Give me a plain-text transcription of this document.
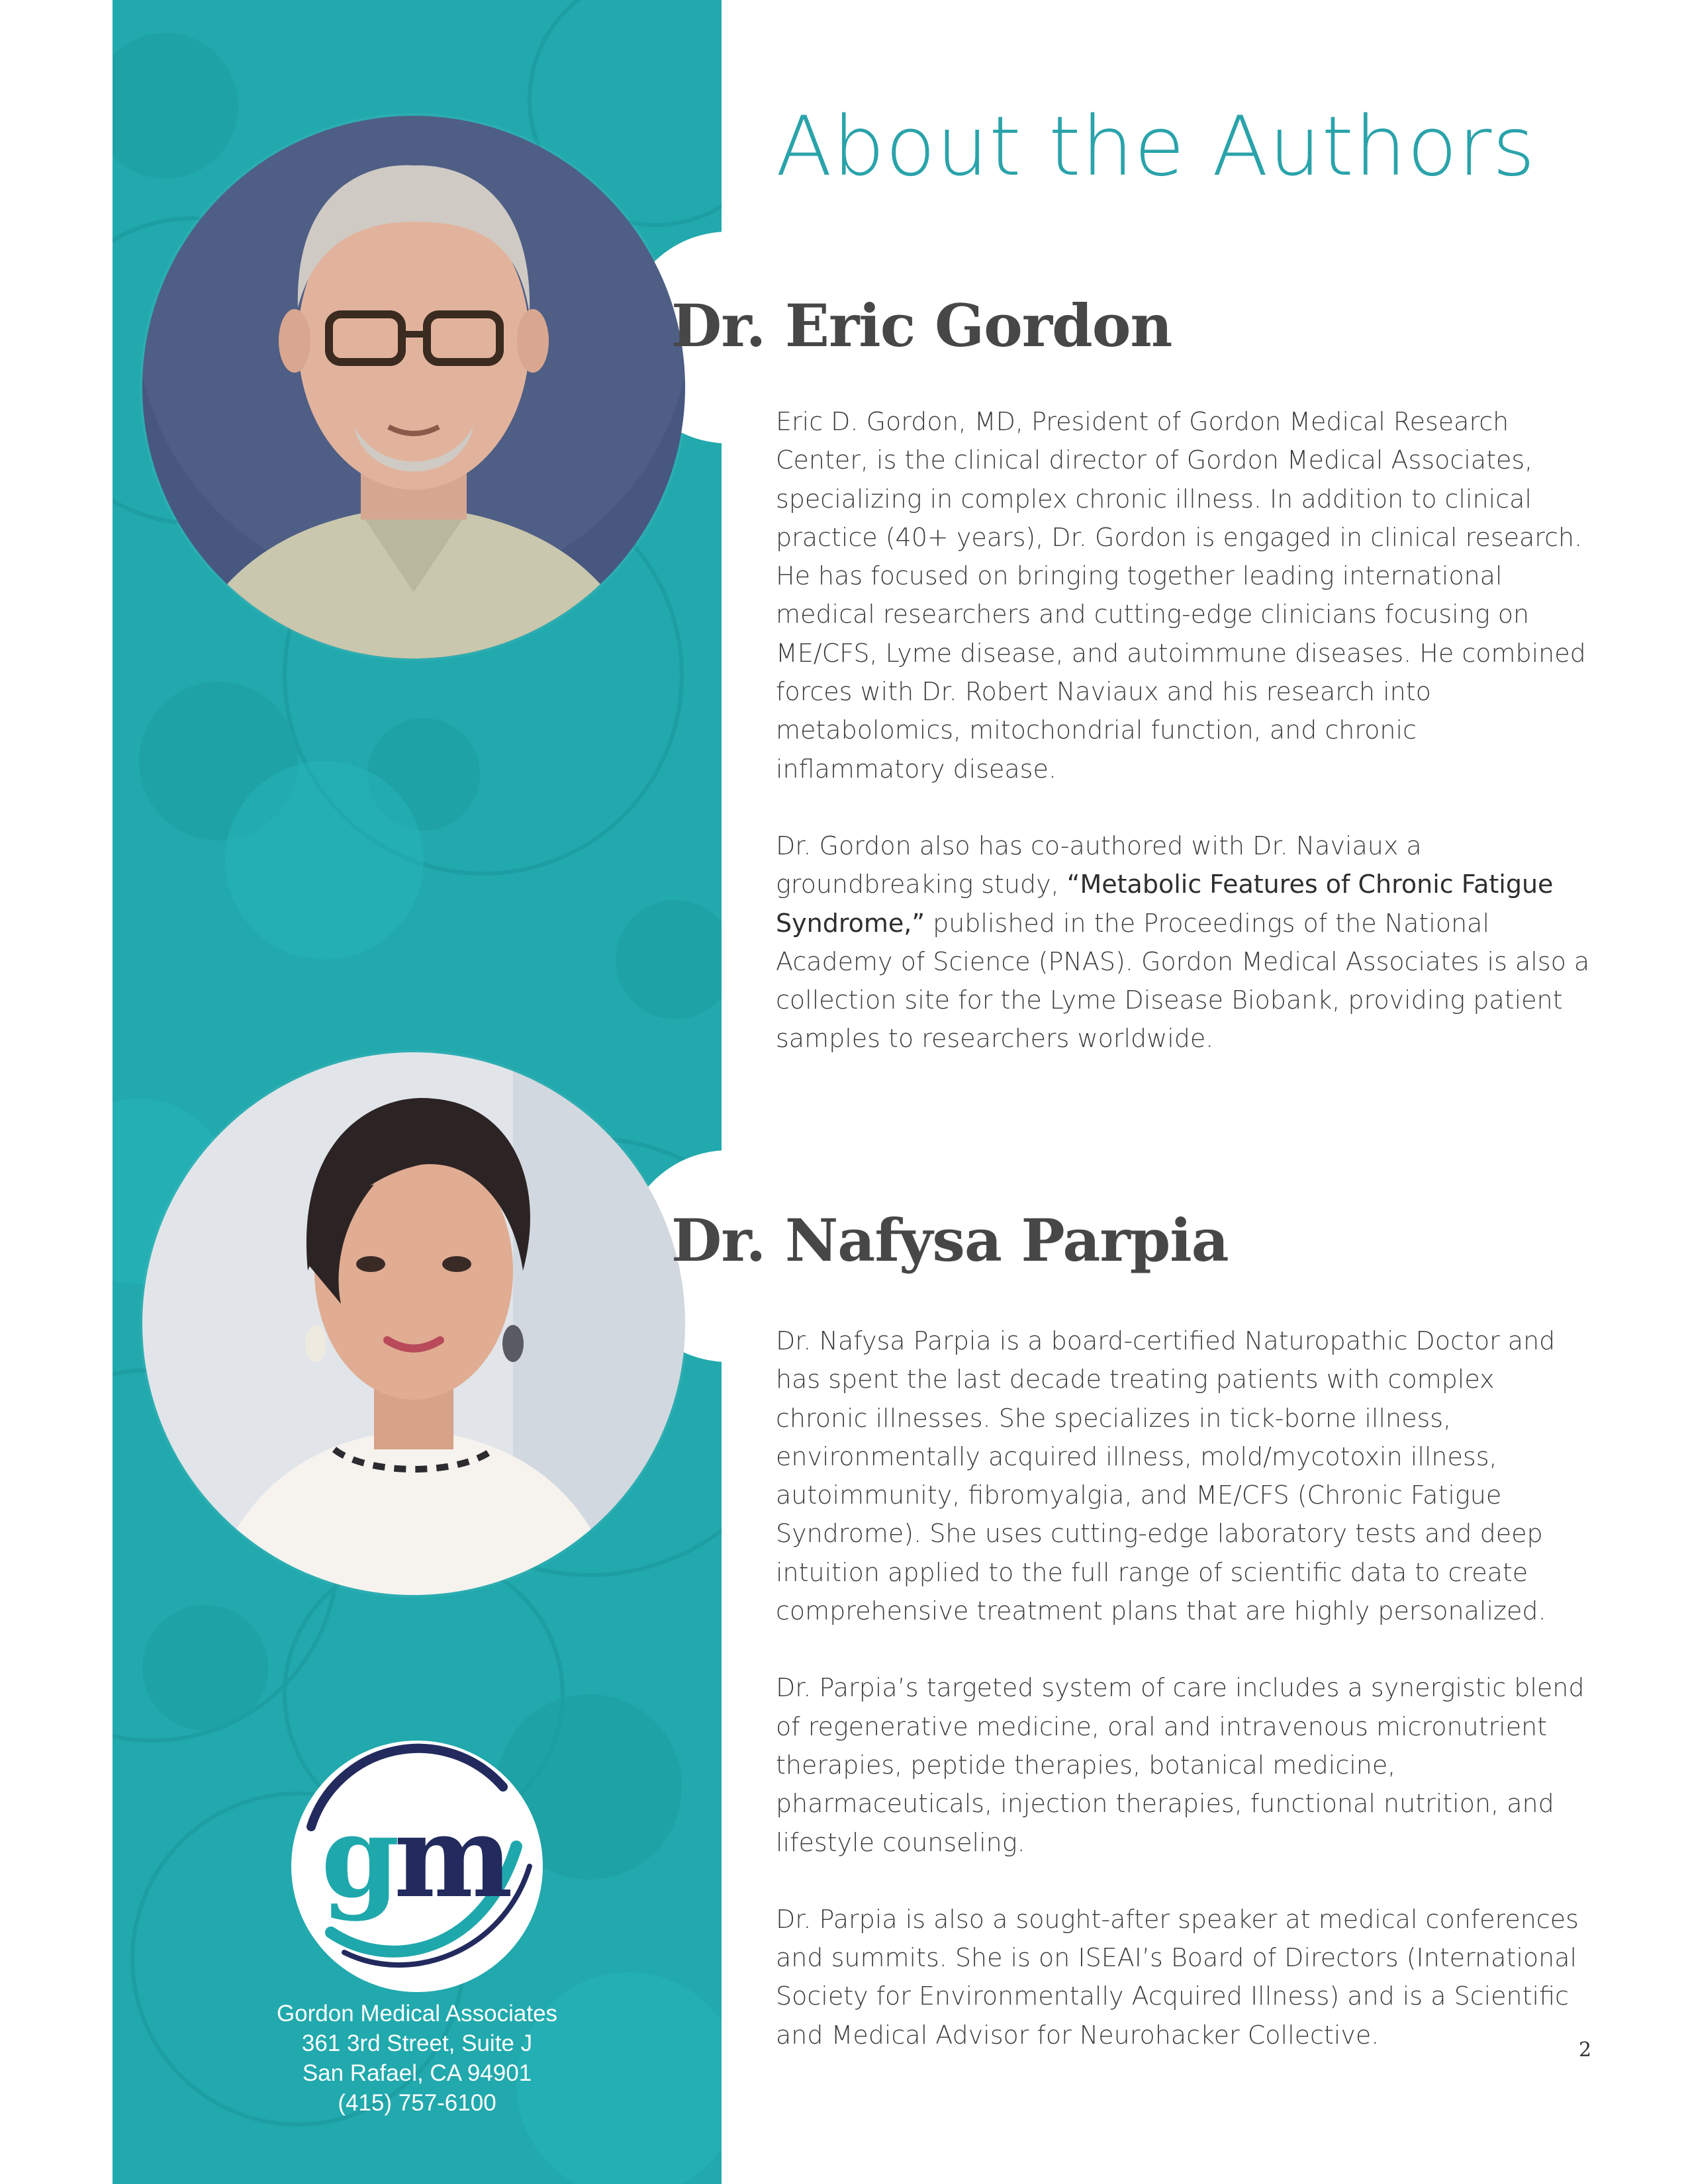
About the Authors
Dr. Eric Gordon

Eric D. Gordon, MD, President of Gordon Medical Research Center, is the clinical director of Gordon Medical Associates, specializing in complex chronic illness. In addition to clinical practice (40+ years), Dr. Gordon is engaged in clinical research. He has focused on bringing together leading international medical researchers and cutting-edge clinicians focusing on ME/CFS, Lyme disease, and autoimmune diseases. He combined forces with Dr. Robert Naviaux and his research into metabolomics, mitochondrial function, and chronic inflammatory disease.

Dr. Gordon also has co-authored with Dr. Naviaux a groundbreaking study, “Metabolic Features of Chronic Fatigue Syndrome,” published in the Proceedings of the National Academy of Science (PNAS). Gordon Medical Associates is also a collection site for the Lyme Disease Biobank, providing patient samples to researchers worldwide.

Dr. Nafysa Parpia

Dr. Nafysa Parpia is a board-certified Naturopathic Doctor and has spent the last decade treating patients with complex chronic illnesses. She specializes in tick-borne illness, environmentally acquired illness, mold/mycotoxin illness, autoimmunity, fibromyalgia, and ME/CFS (Chronic Fatigue Syndrome). She uses cutting-edge laboratory tests and deep intuition applied to the full range of scientific data to create comprehensive treatment plans that are highly personalized.

Dr. Parpia’s targeted system of care includes a synergistic blend of regenerative medicine, oral and intravenous micronutrient therapies, peptide therapies, botanical medicine, pharmaceuticals, injection therapies, functional nutrition, and lifestyle counseling.

Dr. Parpia is also a sought-after speaker at medical conferences and summits. She is on ISEAI’s Board of Directors (International Society for Environmentally Acquired Illness) and is a Scientific and Medical Advisor for Neurohacker Collective.

g
m
Gordon Medical Associates
361 3rd Street, Suite J
San Rafael, CA 94901
(415) 757-6100
2
